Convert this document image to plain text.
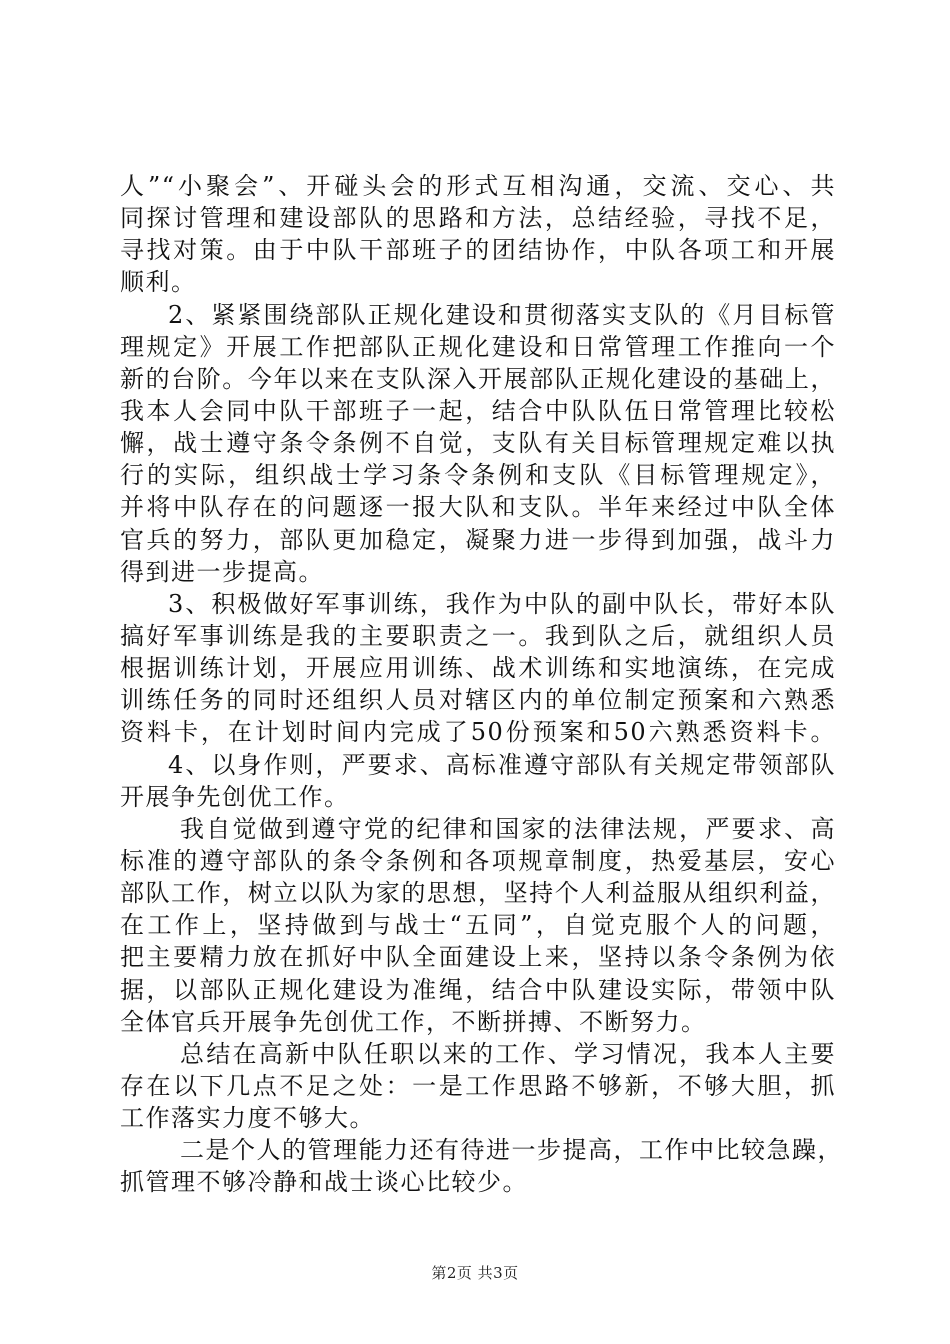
人”“小聚会”、开碰头会的形式互相沟通，交流、交心、共
同探讨管理和建设部队的思路和方法，总结经验，寻找不足，
寻找对策。由于中队干部班子的团结协作，中队各项工和开展
顺利。
2、紧紧围绕部队正规化建设和贯彻落实支队的《月目标管
理规定》开展工作把部队正规化建设和日常管理工作推向一个
新的台阶。今年以来在支队深入开展部队正规化建设的基础上，
我本人会同中队干部班子一起，结合中队队伍日常管理比较松
懈，战士遵守条令条例不自觉，支队有关目标管理规定难以执
行的实际，组织战士学习条令条例和支队《目标管理规定》，
并将中队存在的问题逐一报大队和支队。半年来经过中队全体
官兵的努力，部队更加稳定，凝聚力进一步得到加强，战斗力
得到进一步提高。
3、积极做好军事训练，我作为中队的副中队长，带好本队
搞好军事训练是我的主要职责之一。我到队之后，就组织人员
根据训练计划，开展应用训练、战术训练和实地演练，在完成
训练任务的同时还组织人员对辖区内的单位制定预案和六熟悉
资料卡，在计划时间内完成了50份预案和50六熟悉资料卡。
4、以身作则，严要求、高标准遵守部队有关规定带领部队
开展争先创优工作。
我自觉做到遵守党的纪律和国家的法律法规，严要求、高
标准的遵守部队的条令条例和各项规章制度，热爱基层，安心
部队工作，树立以队为家的思想，坚持个人利益服从组织利益，
在工作上，坚持做到与战士“五同”，自觉克服个人的问题，
把主要精力放在抓好中队全面建设上来，坚持以条令条例为依
据，以部队正规化建设为准绳，结合中队建设实际，带领中队
全体官兵开展争先创优工作，不断拼搏、不断努力。
总结在高新中队任职以来的工作、学习情况，我本人主要
存在以下几点不足之处：一是工作思路不够新，不够大胆，抓
工作落实力度不够大。
二是个人的管理能力还有待进一步提高，工作中比较急躁，
抓管理不够冷静和战士谈心比较少。
第2页 共3页
